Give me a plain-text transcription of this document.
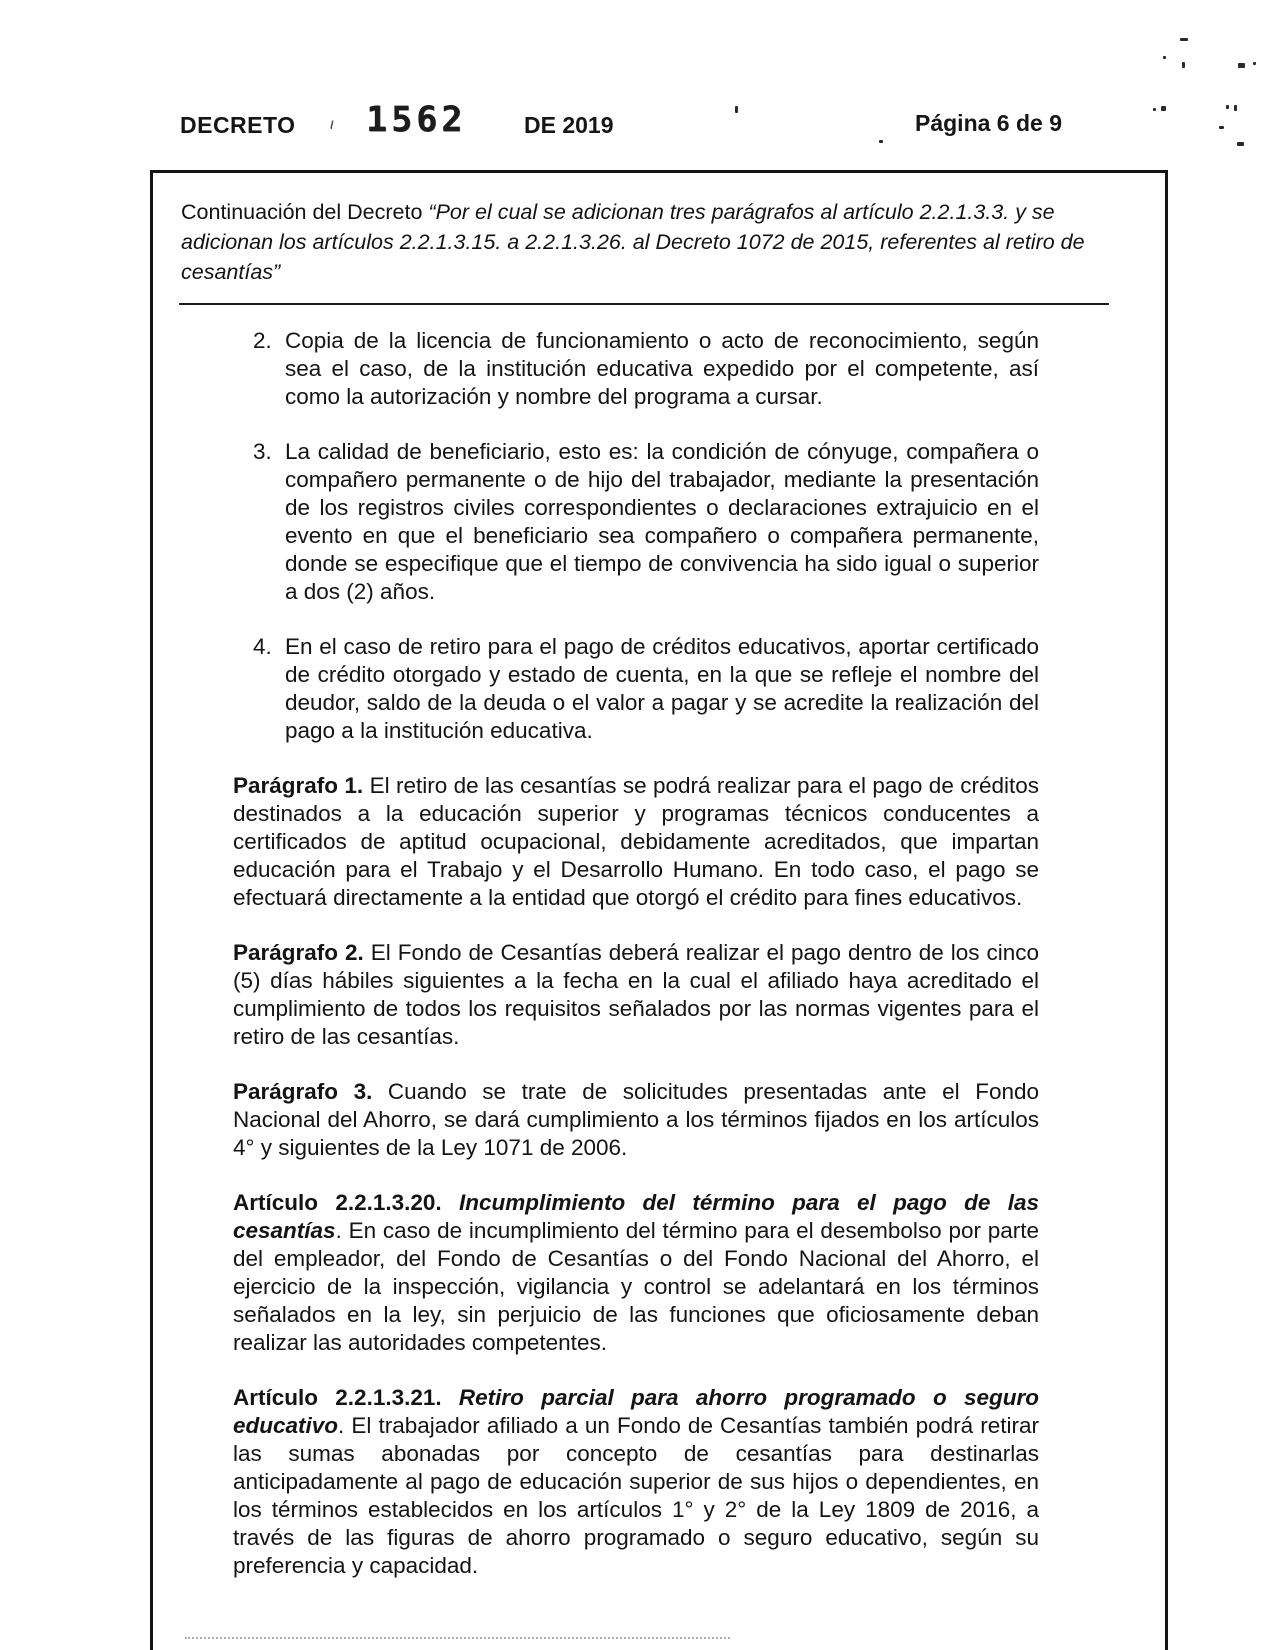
DECRETO ι 1562	DE 2019	Página 6 de 9

Continuación del Decreto “Por el cual se adicionan tres parágrafos al artículo 2.2.1.3.3. y se adicionan los artículos 2.2.1.3.15. a 2.2.1.3.26. al Decreto 1072 de 2015, referentes al retiro de cesantías”

2. Copia de la licencia de funcionamiento o acto de reconocimiento, según sea el caso, de la institución educativa expedido por el competente, así como la autorización y nombre del programa a cursar.
3. La calidad de beneficiario, esto es: la condición de cónyuge, compañera o compañero permanente o de hijo del trabajador, mediante la presentación de los registros civiles correspondientes o declaraciones extrajuicio en el evento en que el beneficiario sea compañero o compañera permanente, donde se especifique que el tiempo de convivencia ha sido igual o superior a dos (2) años.
4. En el caso de retiro para el pago de créditos educativos, aportar certificado de crédito otorgado y estado de cuenta, en la que se refleje el nombre del deudor, saldo de la deuda o el valor a pagar y se acredite la realización del pago a la institución educativa.

Parágrafo 1. El retiro de las cesantías se podrá realizar para el pago de créditos destinados a la educación superior y programas técnicos conducentes a certificados de aptitud ocupacional, debidamente acreditados, que impartan educación para el Trabajo y el Desarrollo Humano. En todo caso, el pago se efectuará directamente a la entidad que otorgó el crédito para fines educativos.

Parágrafo 2. El Fondo de Cesantías deberá realizar el pago dentro de los cinco (5) días hábiles siguientes a la fecha en la cual el afiliado haya acreditado el cumplimiento de todos los requisitos señalados por las normas vigentes para el retiro de las cesantías.

Parágrafo 3. Cuando se trate de solicitudes presentadas ante el Fondo Nacional del Ahorro, se dará cumplimiento a los términos fijados en los artículos 4° y siguientes de la Ley 1071 de 2006.

Artículo 2.2.1.3.20. Incumplimiento del término para el pago de las cesantías. En caso de incumplimiento del término para el desembolso por parte del empleador, del Fondo de Cesantías o del Fondo Nacional del Ahorro, el ejercicio de la inspección, vigilancia y control se adelantará en los términos señalados en la ley, sin perjuicio de las funciones que oficiosamente deban realizar las autoridades competentes.

Artículo 2.2.1.3.21. Retiro parcial para ahorro programado o seguro educativo. El trabajador afiliado a un Fondo de Cesantías también podrá retirar las sumas abonadas por concepto de cesantías para destinarlas anticipadamente al pago de educación superior de sus hijos o dependientes, en los términos establecidos en los artículos 1° y 2° de la Ley 1809 de 2016, a través de las figuras de ahorro programado o seguro educativo, según su preferencia y capacidad.
